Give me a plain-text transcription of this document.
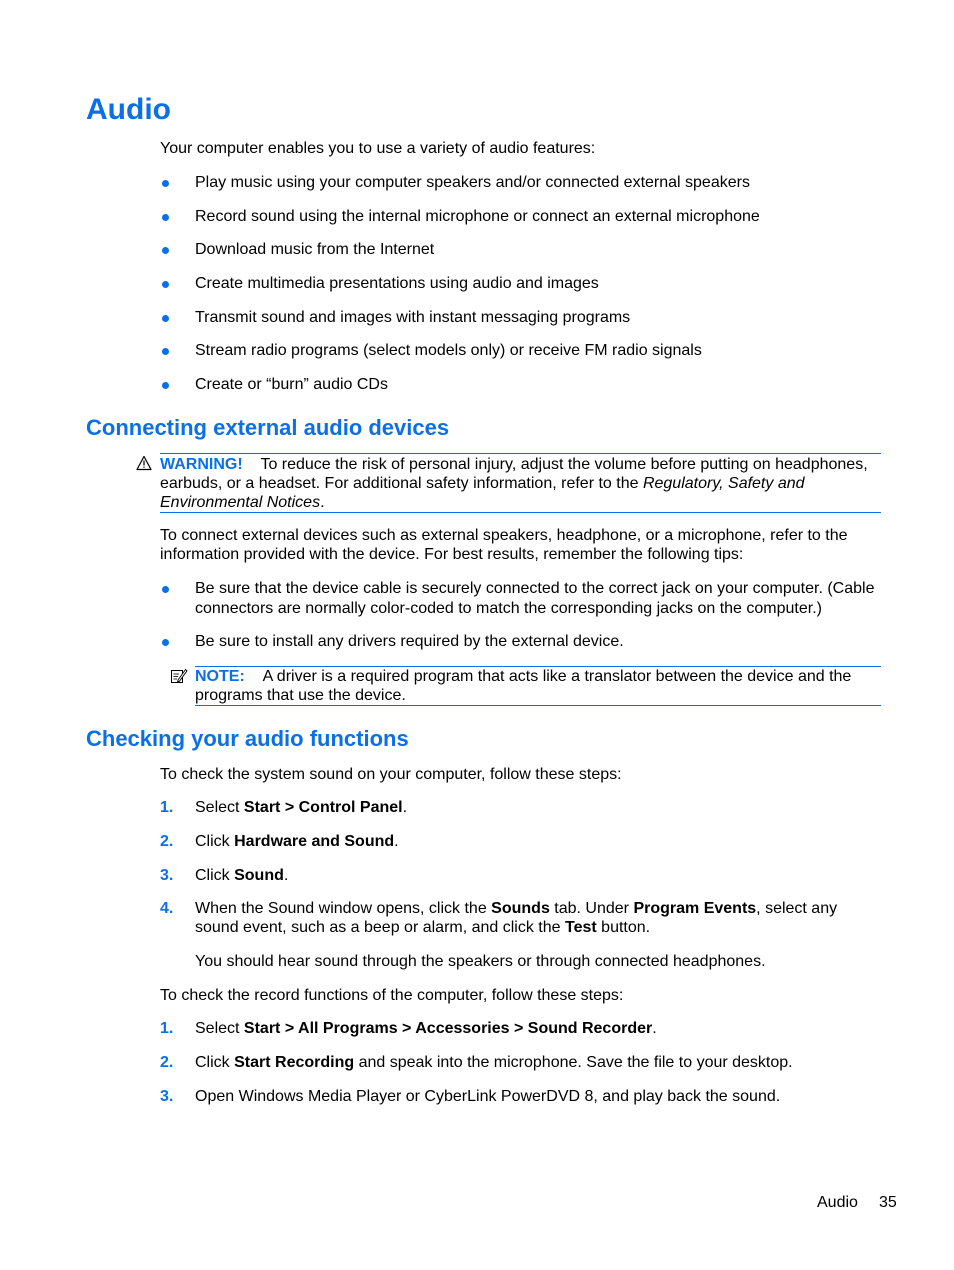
Audio
Your computer enables you to use a variety of audio features:
Play music using your computer speakers and/or connected external speakers
Record sound using the internal microphone or connect an external microphone
Download music from the Internet
Create multimedia presentations using audio and images
Transmit sound and images with instant messaging programs
Stream radio programs (select models only) or receive FM radio signals
Create or “burn” audio CDs
Connecting external audio devices
WARNING! To reduce the risk of personal injury, adjust the volume before putting on headphones, earbuds, or a headset. For additional safety information, refer to the Regulatory, Safety and Environmental Notices.
To connect external devices such as external speakers, headphone, or a microphone, refer to the information provided with the device. For best results, remember the following tips:
Be sure that the device cable is securely connected to the correct jack on your computer. (Cable connectors are normally color-coded to match the corresponding jacks on the computer.)
Be sure to install any drivers required by the external device.
NOTE: A driver is a required program that acts like a translator between the device and the programs that use the device.
Checking your audio functions
To check the system sound on your computer, follow these steps:
1. Select Start > Control Panel.
2. Click Hardware and Sound.
3. Click Sound.
4. When the Sound window opens, click the Sounds tab. Under Program Events, select any sound event, such as a beep or alarm, and click the Test button.
You should hear sound through the speakers or through connected headphones.
To check the record functions of the computer, follow these steps:
1. Select Start > All Programs > Accessories > Sound Recorder.
2. Click Start Recording and speak into the microphone. Save the file to your desktop.
3. Open Windows Media Player or CyberLink PowerDVD 8, and play back the sound.
Audio 35
